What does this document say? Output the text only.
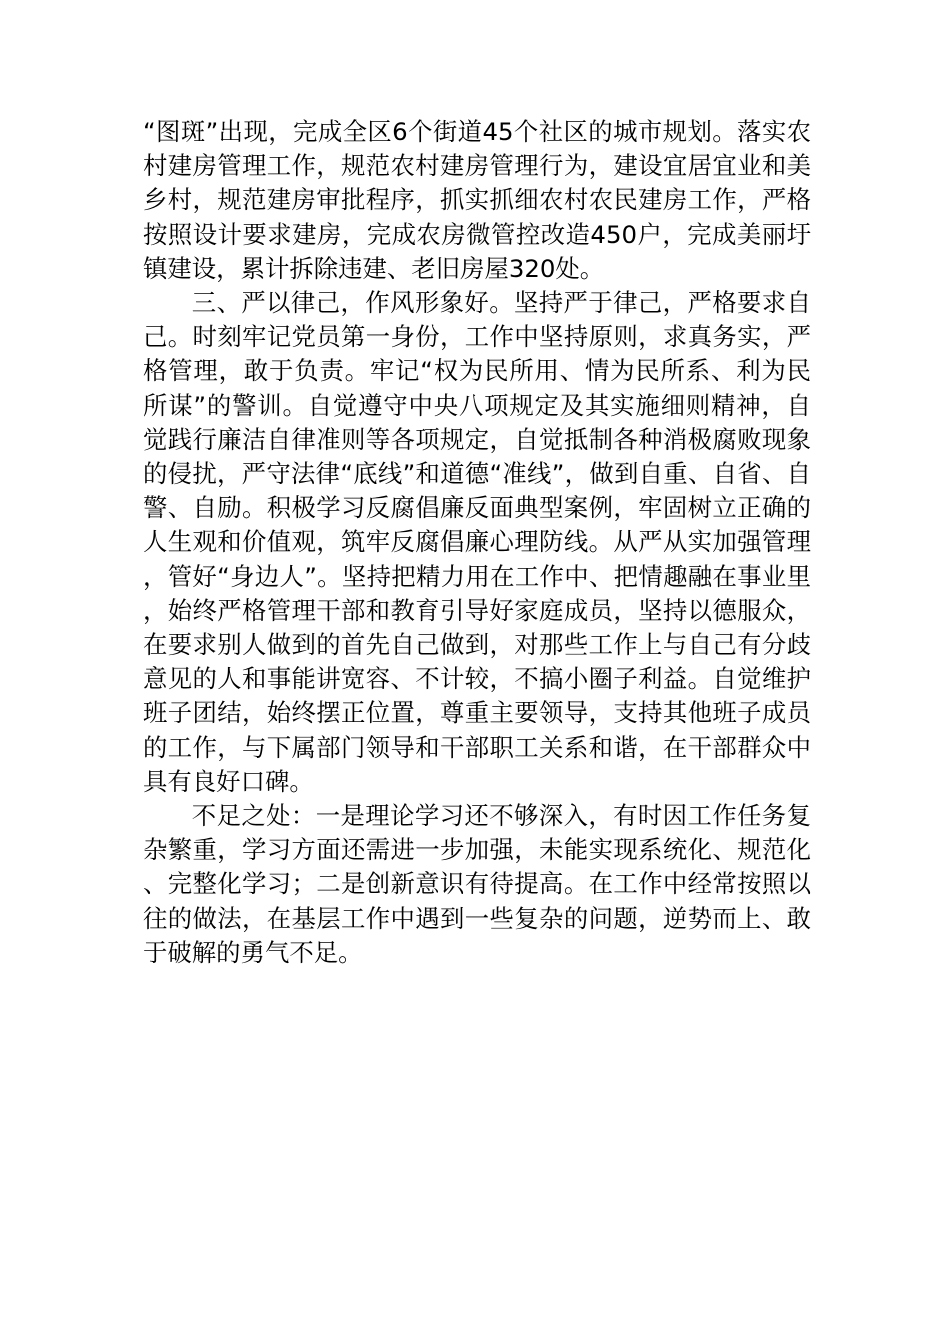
“图斑”出现，完成全区6个街道45个社区的城市规划。落实农村建房管理工作，规范农村建房管理行为，建设宜居宜业和美乡村，规范建房审批程序，抓实抓细农村农民建房工作，严格按照设计要求建房，完成农房微管控改造450户，完成美丽圩镇建设，累计拆除违建、老旧房屋320处。

三、严以律己，作风形象好。坚持严于律己，严格要求自己。时刻牢记党员第一身份，工作中坚持原则，求真务实，严格管理，敢于负责。牢记“权为民所用、情为民所系、利为民所谋”的警训。自觉遵守中央八项规定及其实施细则精神，自觉践行廉洁自律准则等各项规定，自觉抵制各种消极腐败现象的侵扰，严守法律“底线”和道德“准线”，做到自重、自省、自警、自励。积极学习反腐倡廉反面典型案例，牢固树立正确的人生观和价值观，筑牢反腐倡廉心理防线。从严从实加强管理，管好“身边人”。坚持把精力用在工作中、把情趣融在事业里，始终严格管理干部和教育引导好家庭成员，坚持以德服众，在要求别人做到的首先自己做到，对那些工作上与自己有分歧意见的人和事能讲宽容、不计较，不搞小圈子利益。自觉维护班子团结，始终摆正位置，尊重主要领导，支持其他班子成员的工作，与下属部门领导和干部职工关系和谐，在干部群众中具有良好口碑。

不足之处：一是理论学习还不够深入，有时因工作任务复杂繁重，学习方面还需进一步加强，未能实现系统化、规范化、完整化学习；二是创新意识有待提高。在工作中经常按照以往的做法，在基层工作中遇到一些复杂的问题，逆势而上、敢于破解的勇气不足。
